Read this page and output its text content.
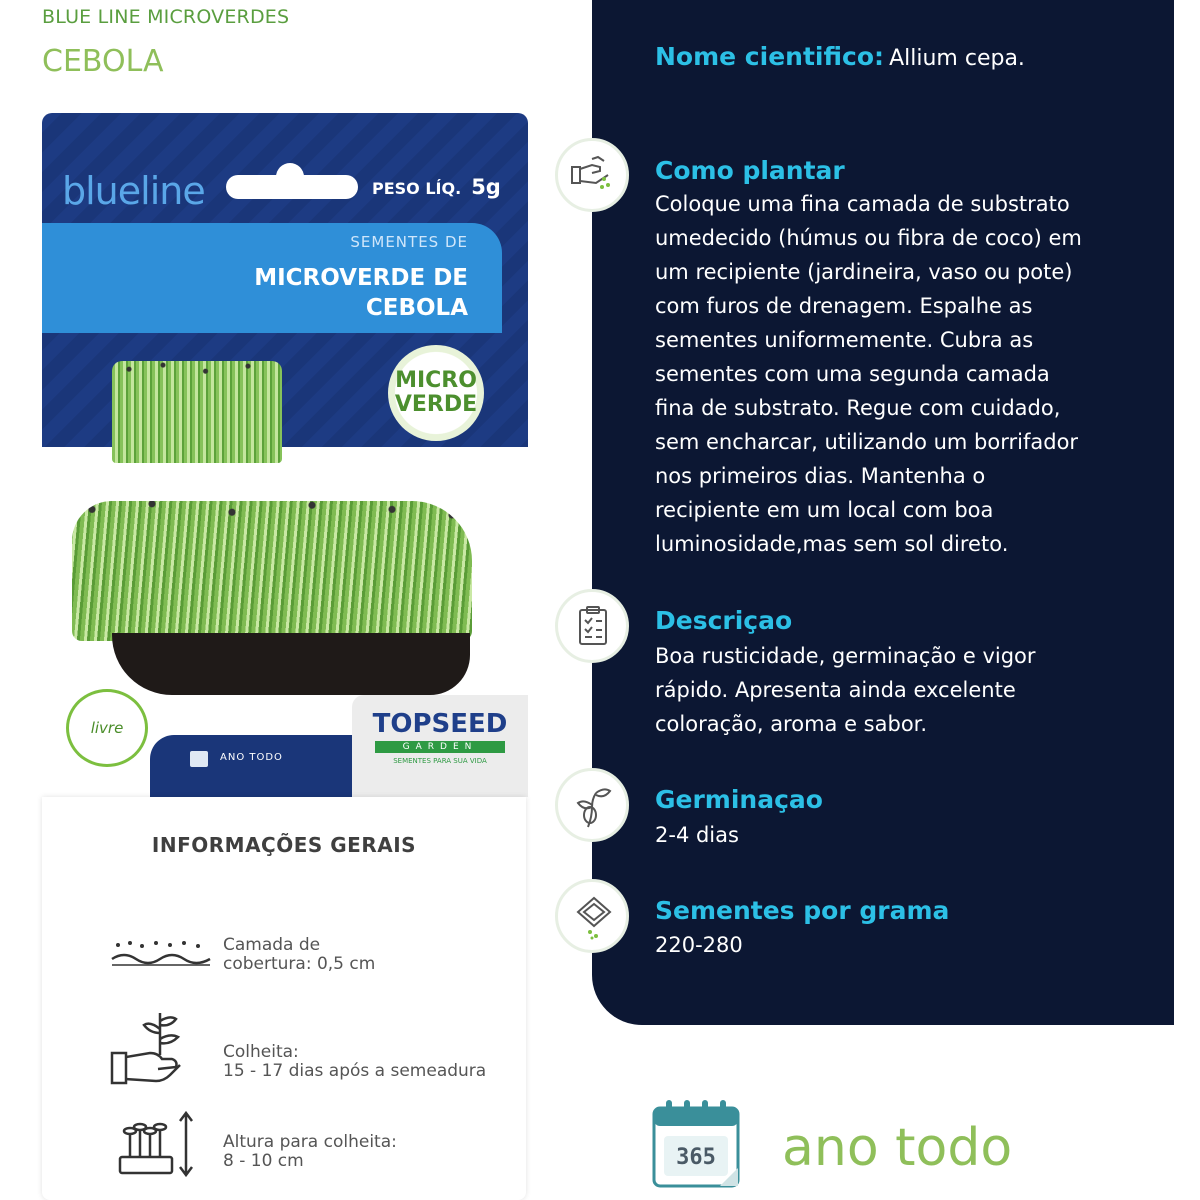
BLUE LINE MICROVERDES
CEBOLA
blueline	PESO LÍQ. 5g
SEMENTES DE
MICROVERDE DE
CEBOLA
MICRO
VERDE
livre
ANO TODO
TOPSEED
GARDEN
SEMENTES PARA SUA VIDA
INFORMAÇÕES GERAIS
Camada de
cobertura: 0,5 cm
Colheita:
15 - 17 dias após a semeadura
Altura para colheita:
8 - 10 cm
Nome cientifico: Allium cepa.
Como plantar
Coloque uma fina camada de substrato
umedecido (húmus ou fibra de coco) em
um recipiente (jardineira, vaso ou pote)
com furos de drenagem. Espalhe as
sementes uniformemente. Cubra as
sementes com uma segunda camada
fina de substrato. Regue com cuidado,
sem encharcar, utilizando um borrifador
nos primeiros dias. Mantenha o
recipiente em um local com boa
luminosidade,mas sem sol direto.
Descriçao
Boa rusticidade, germinação e vigor
rápido. Apresenta ainda excelente
coloração, aroma e sabor.
Germinaçao
2-4 dias
Sementes por grama
220-280
365 ano todo
